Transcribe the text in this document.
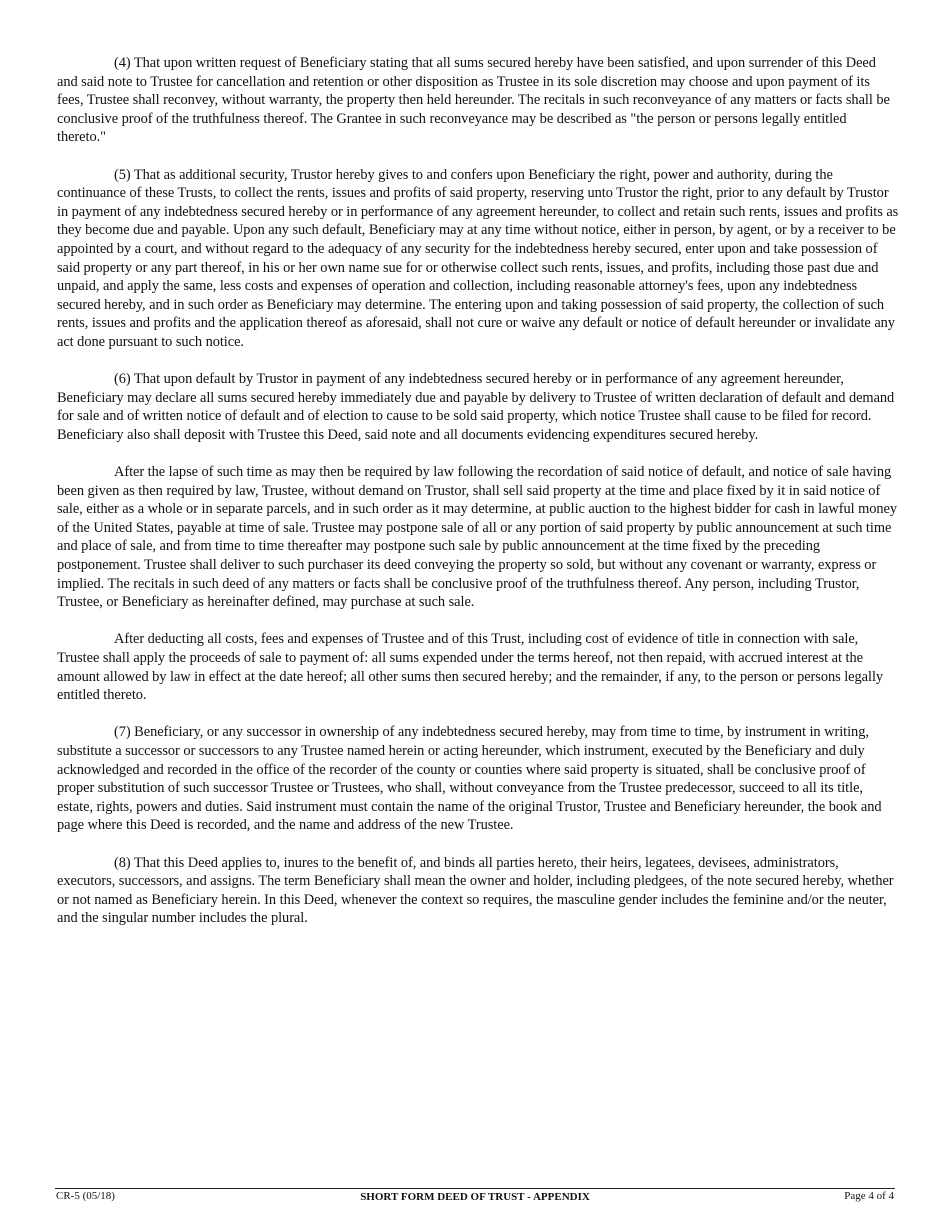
(4) That upon written request of Beneficiary stating that all sums secured hereby have been satisfied, and upon surrender of this Deed and said note to Trustee for cancellation and retention or other disposition as Trustee in its sole discretion may choose and upon payment of its fees, Trustee shall reconvey, without warranty, the property then held hereunder. The recitals in such reconveyance of any matters or facts shall be conclusive proof of the truthfulness thereof. The Grantee in such reconveyance may be described as "the person or persons legally entitled thereto."

(5) That as additional security, Trustor hereby gives to and confers upon Beneficiary the right, power and authority, during the continuance of these Trusts, to collect the rents, issues and profits of said property, reserving unto Trustor the right, prior to any default by Trustor in payment of any indebtedness secured hereby or in performance of any agreement hereunder, to collect and retain such rents, issues and profits as they become due and payable. Upon any such default, Beneficiary may at any time without notice, either in person, by agent, or by a receiver to be appointed by a court, and without regard to the adequacy of any security for the indebtedness hereby secured, enter upon and take possession of said property or any part thereof, in his or her own name sue for or otherwise collect such rents, issues, and profits, including those past due and unpaid, and apply the same, less costs and expenses of operation and collection, including reasonable attorney's fees, upon any indebtedness secured hereby, and in such order as Beneficiary may determine. The entering upon and taking possession of said property, the collection of such rents, issues and profits and the application thereof as aforesaid, shall not cure or waive any default or notice of default hereunder or invalidate any act done pursuant to such notice.

(6) That upon default by Trustor in payment of any indebtedness secured hereby or in performance of any agreement hereunder, Beneficiary may declare all sums secured hereby immediately due and payable by delivery to Trustee of written declaration of default and demand for sale and of written notice of default and of election to cause to be sold said property, which notice Trustee shall cause to be filed for record. Beneficiary also shall deposit with Trustee this Deed, said note and all documents evidencing expenditures secured hereby.

After the lapse of such time as may then be required by law following the recordation of said notice of default, and notice of sale having been given as then required by law, Trustee, without demand on Trustor, shall sell said property at the time and place fixed by it in said notice of sale, either as a whole or in separate parcels, and in such order as it may determine, at public auction to the highest bidder for cash in lawful money of the United States, payable at time of sale. Trustee may postpone sale of all or any portion of said property by public announcement at such time and place of sale, and from time to time thereafter may postpone such sale by public announcement at the time fixed by the preceding postponement. Trustee shall deliver to such purchaser its deed conveying the property so sold, but without any covenant or warranty, express or implied. The recitals in such deed of any matters or facts shall be conclusive proof of the truthfulness thereof. Any person, including Trustor, Trustee, or Beneficiary as hereinafter defined, may purchase at such sale.

After deducting all costs, fees and expenses of Trustee and of this Trust, including cost of evidence of title in connection with sale, Trustee shall apply the proceeds of sale to payment of: all sums expended under the terms hereof, not then repaid, with accrued interest at the amount allowed by law in effect at the date hereof; all other sums then secured hereby; and the remainder, if any, to the person or persons legally entitled thereto.

(7) Beneficiary, or any successor in ownership of any indebtedness secured hereby, may from time to time, by instrument in writing, substitute a successor or successors to any Trustee named herein or acting hereunder, which instrument, executed by the Beneficiary and duly acknowledged and recorded in the office of the recorder of the county or counties where said property is situated, shall be conclusive proof of proper substitution of such successor Trustee or Trustees, who shall, without conveyance from the Trustee predecessor, succeed to all its title, estate, rights, powers and duties. Said instrument must contain the name of the original Trustor, Trustee and Beneficiary hereunder, the book and page where this Deed is recorded, and the name and address of the new Trustee.

(8) That this Deed applies to, inures to the benefit of, and binds all parties hereto, their heirs, legatees, devisees, administrators, executors, successors, and assigns. The term Beneficiary shall mean the owner and holder, including pledgees, of the note secured hereby, whether or not named as Beneficiary herein. In this Deed, whenever the context so requires, the masculine gender includes the feminine and/or the neuter, and the singular number includes the plural.

CR-5 (05/18)	SHORT FORM DEED OF TRUST - APPENDIX	Page 4 of 4
